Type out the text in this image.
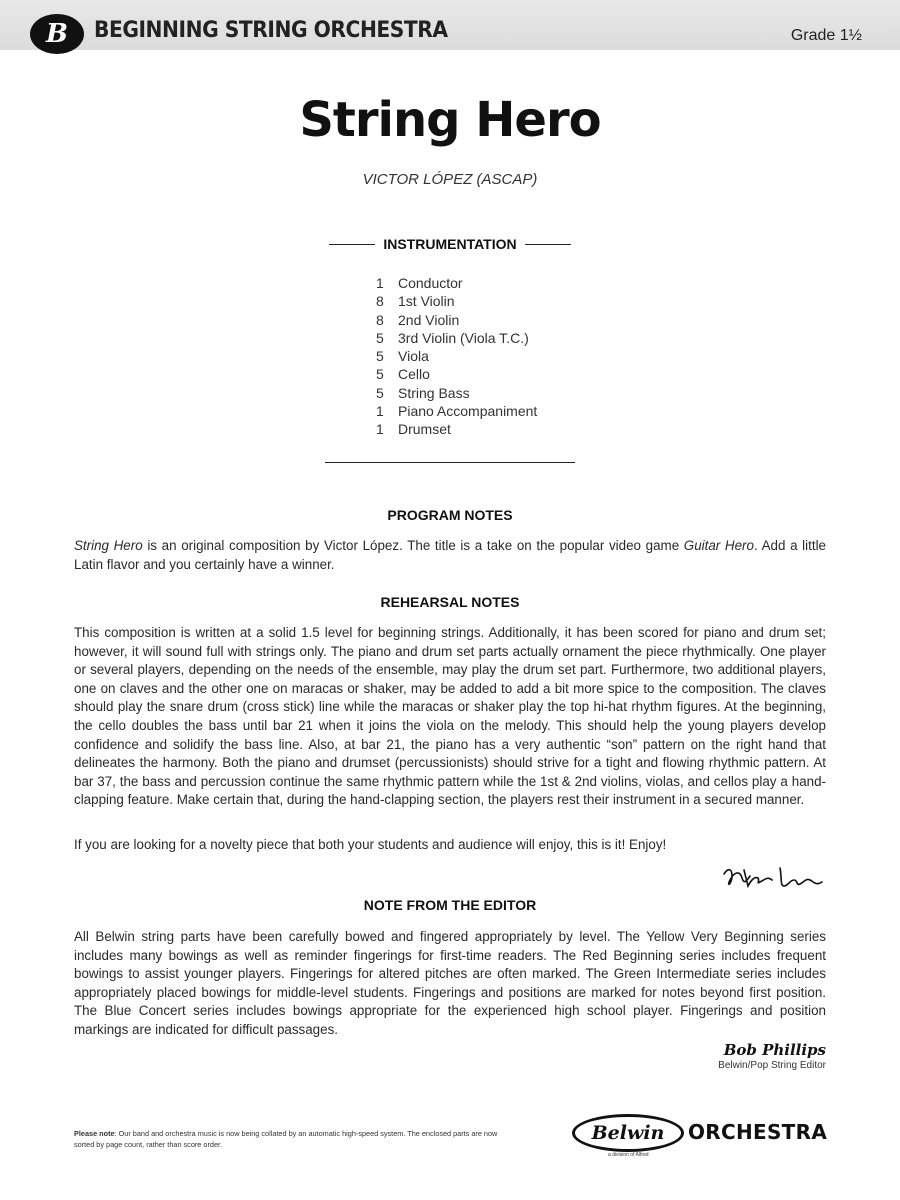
B BEGINNING STRING ORCHESTRA	Grade 1½
String Hero
VICTOR LÓPEZ (ASCAP)
INSTRUMENTATION
1 Conductor
8 1st Violin
8 2nd Violin
5 3rd Violin (Viola T.C.)
5 Viola
5 Cello
5 String Bass
1 Piano Accompaniment
1 Drumset
PROGRAM NOTES

String Hero is an original composition by Victor López. The title is a take on the popular video game Guitar Hero. Add a little Latin flavor and you certainly have a winner.

REHEARSAL NOTES

This composition is written at a solid 1.5 level for beginning strings. Additionally, it has been scored for piano and drum set; however, it will sound full with strings only. The piano and drum set parts actually ornament the piece rhythmically. One player or several players, depending on the needs of the ensemble, may play the drum set part. Furthermore, two additional players, one on claves and the other one on maracas or shaker, may be added to add a bit more spice to the composition. The claves should play the snare drum (cross stick) line while the maracas or shaker play the top hi-hat rhythm figures. At the beginning, the cello doubles the bass until bar 21 when it joins the viola on the melody. This should help the young players develop confidence and solidify the bass line. Also, at bar 21, the piano has a very authentic “son” pattern on the right hand that delineates the harmony. Both the piano and drumset (percussionists) should strive for a tight and flowing rhythmic pattern. At bar 37, the bass and percussion continue the same rhythmic pattern while the 1st & 2nd violins, violas, and cellos play a hand-clapping feature. Make certain that, during the hand-clapping section, the players rest their instrument in a secured manner.

If you are looking for a novelty piece that both your students and audience will enjoy, this is it! Enjoy!

NOTE FROM THE EDITOR

All Belwin string parts have been carefully bowed and fingered appropriately by level. The Yellow Very Beginning series includes many bowings as well as reminder fingerings for first-time readers. The Red Beginning series includes frequent bowings to assist younger players. Fingerings for altered pitches are often marked. The Green Intermediate series includes appropriately placed bowings for middle-level students. Fingerings and positions are marked for notes beyond first position. The Blue Concert series includes bowings appropriate for the experienced high school player. Fingerings and position markings are indicated for difficult passages.

Bob Phillips
Belwin/Pop String Editor
Please note: Our band and orchestra music is now being collated by an automatic high-speed system. The enclosed parts are now sorted by page count, rather than score order.
Belwin
a division of Alfred
ORCHESTRA
